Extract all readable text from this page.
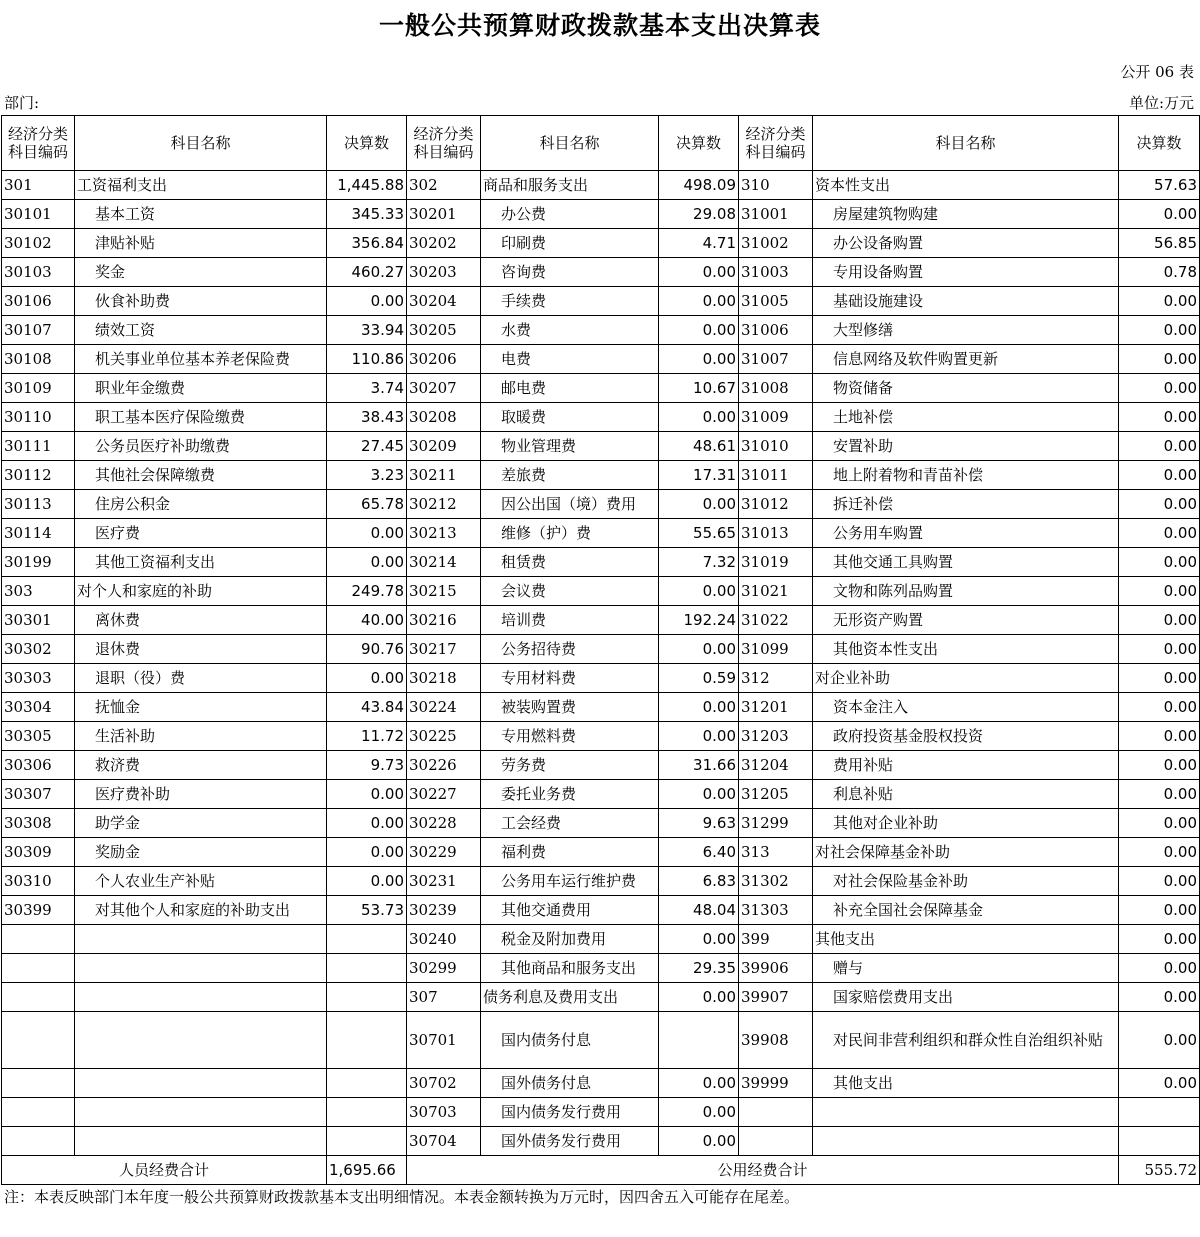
一般公共预算财政拨款基本支出决算表
公开 06 表
部门:	单位:万元
经济分类科目编码	科目名称	决算数	经济分类科目编码	科目名称	决算数	经济分类科目编码	科目名称	决算数
301	工资福利支出	1,445.88	302	商品和服务支出	498.09	310	资本性支出	57.63
30101	基本工资	345.33	30201	办公费	29.08	31001	房屋建筑物购建	0.00
30102	津贴补贴	356.84	30202	印刷费	4.71	31002	办公设备购置	56.85
30103	奖金	460.27	30203	咨询费	0.00	31003	专用设备购置	0.78
30106	伙食补助费	0.00	30204	手续费	0.00	31005	基础设施建设	0.00
30107	绩效工资	33.94	30205	水费	0.00	31006	大型修缮	0.00
30108	机关事业单位基本养老保险费	110.86	30206	电费	0.00	31007	信息网络及软件购置更新	0.00
30109	职业年金缴费	3.74	30207	邮电费	10.67	31008	物资储备	0.00
30110	职工基本医疗保险缴费	38.43	30208	取暖费	0.00	31009	土地补偿	0.00
30111	公务员医疗补助缴费	27.45	30209	物业管理费	48.61	31010	安置补助	0.00
30112	其他社会保障缴费	3.23	30211	差旅费	17.31	31011	地上附着物和青苗补偿	0.00
30113	住房公积金	65.78	30212	因公出国（境）费用	0.00	31012	拆迁补偿	0.00
30114	医疗费	0.00	30213	维修（护）费	55.65	31013	公务用车购置	0.00
30199	其他工资福利支出	0.00	30214	租赁费	7.32	31019	其他交通工具购置	0.00
303	对个人和家庭的补助	249.78	30215	会议费	0.00	31021	文物和陈列品购置	0.00
30301	离休费	40.00	30216	培训费	192.24	31022	无形资产购置	0.00
30302	退休费	90.76	30217	公务招待费	0.00	31099	其他资本性支出	0.00
30303	退职（役）费	0.00	30218	专用材料费	0.59	312	对企业补助	0.00
30304	抚恤金	43.84	30224	被装购置费	0.00	31201	资本金注入	0.00
30305	生活补助	11.72	30225	专用燃料费	0.00	31203	政府投资基金股权投资	0.00
30306	救济费	9.73	30226	劳务费	31.66	31204	费用补贴	0.00
30307	医疗费补助	0.00	30227	委托业务费	0.00	31205	利息补贴	0.00
30308	助学金	0.00	30228	工会经费	9.63	31299	其他对企业补助	0.00
30309	奖励金	0.00	30229	福利费	6.40	313	对社会保障基金补助	0.00
30310	个人农业生产补贴	0.00	30231	公务用车运行维护费	6.83	31302	对社会保险基金补助	0.00
30399	对其他个人和家庭的补助支出	53.73	30239	其他交通费用	48.04	31303	补充全国社会保障基金	0.00
			30240	税金及附加费用	0.00	399	其他支出	0.00
			30299	其他商品和服务支出	29.35	39906	赠与	0.00
			307	债务利息及费用支出	0.00	39907	国家赔偿费用支出	0.00
			30701	国内债务付息		39908	对民间非营利组织和群众性自治组织补贴	0.00
			30702	国外债务付息	0.00	39999	其他支出	0.00
			30703	国内债务发行费用	0.00			
			30704	国外债务发行费用	0.00			
人员经费合计		1,695.66	公用经费合计					555.72
注：本表反映部门本年度一般公共预算财政拨款基本支出明细情况。本表金额转换为万元时，因四舍五入可能存在尾差。
